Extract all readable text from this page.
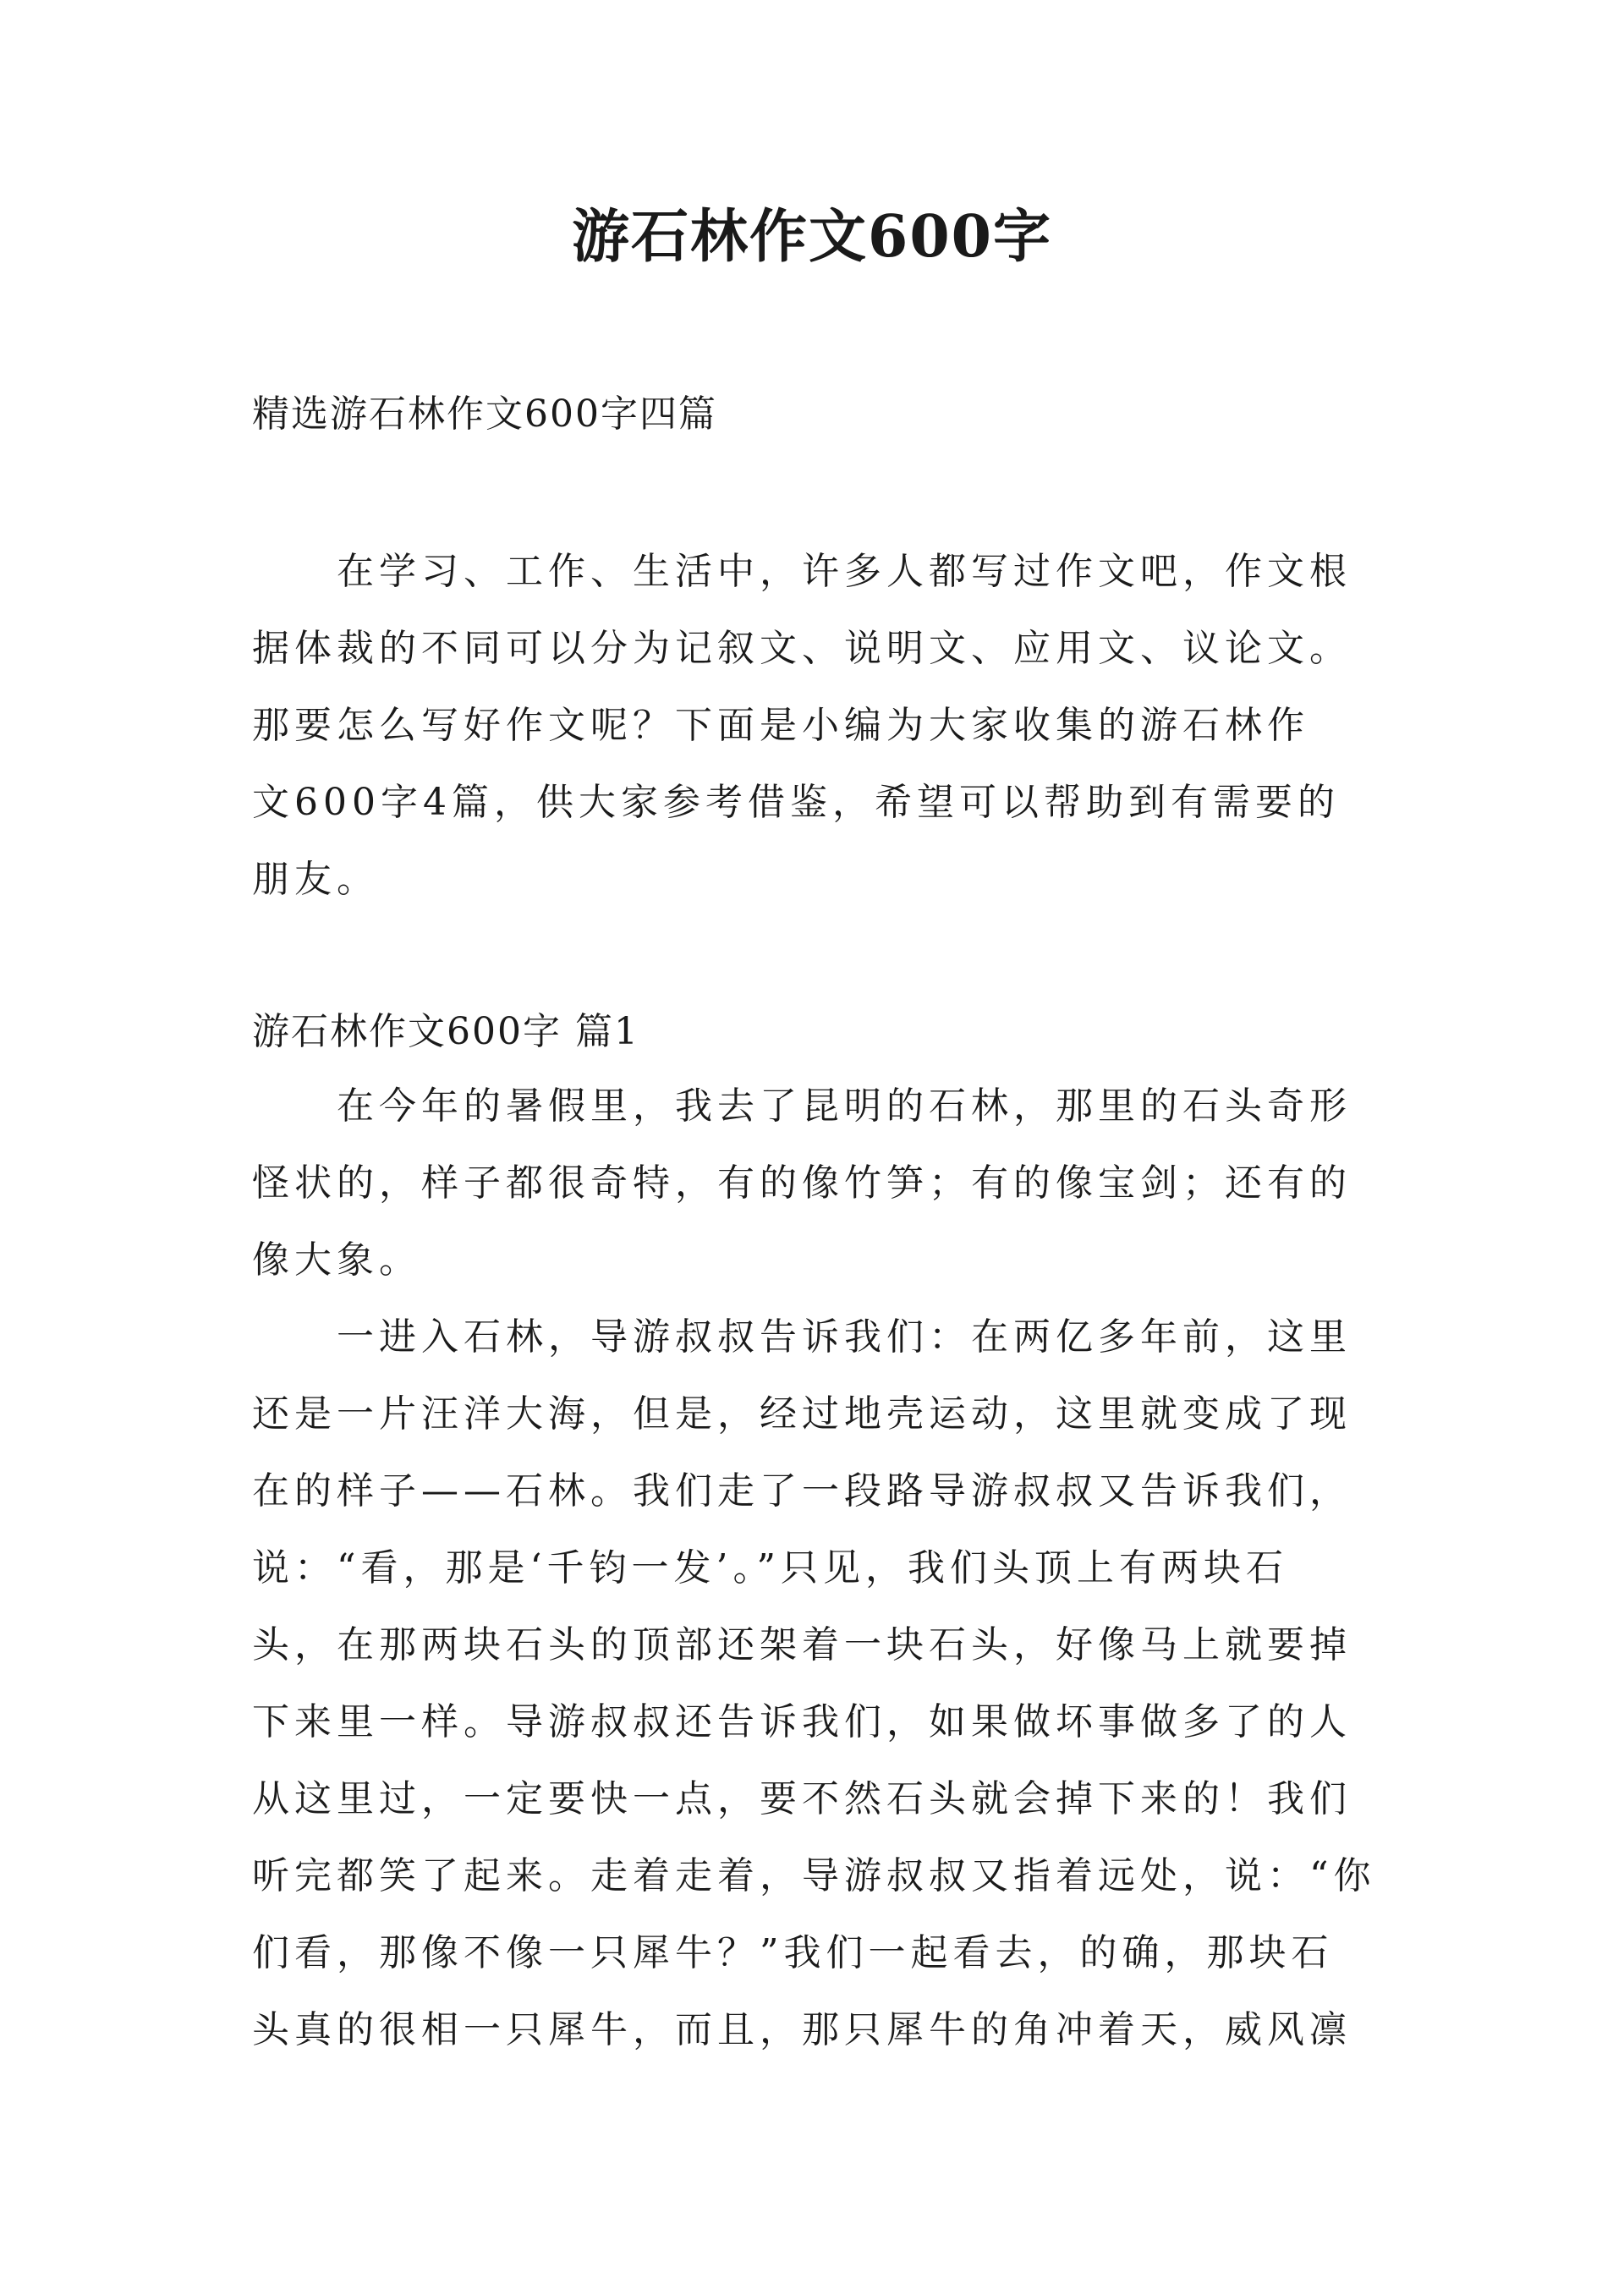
游石林作文600字
精选游石林作文600字四篇
　　在学习、工作、生活中，许多人都写过作文吧，作文根
据体裁的不同可以分为记叙文、说明文、应用文、议论文。
那要怎么写好作文呢？下面是小编为大家收集的游石林作
文600字4篇，供大家参考借鉴，希望可以帮助到有需要的
朋友。
游石林作文600字 篇1
　　在今年的暑假里，我去了昆明的石林，那里的石头奇形
怪状的，样子都很奇特，有的像竹笋；有的像宝剑；还有的
像大象。
　　一进入石林，导游叔叔告诉我们：在两亿多年前，这里
还是一片汪洋大海，但是，经过地壳运动，这里就变成了现
在的样子——石林。我们走了一段路导游叔叔又告诉我们，
说：“看，那是‘千钧一发’。”只见，我们头顶上有两块石
头，在那两块石头的顶部还架着一块石头，好像马上就要掉
下来里一样。导游叔叔还告诉我们，如果做坏事做多了的人
从这里过，一定要快一点，要不然石头就会掉下来的！我们
听完都笑了起来。走着走着，导游叔叔又指着远处，说：“你
们看，那像不像一只犀牛？”我们一起看去，的确，那块石
头真的很相一只犀牛，而且，那只犀牛的角冲着天，威风凛
